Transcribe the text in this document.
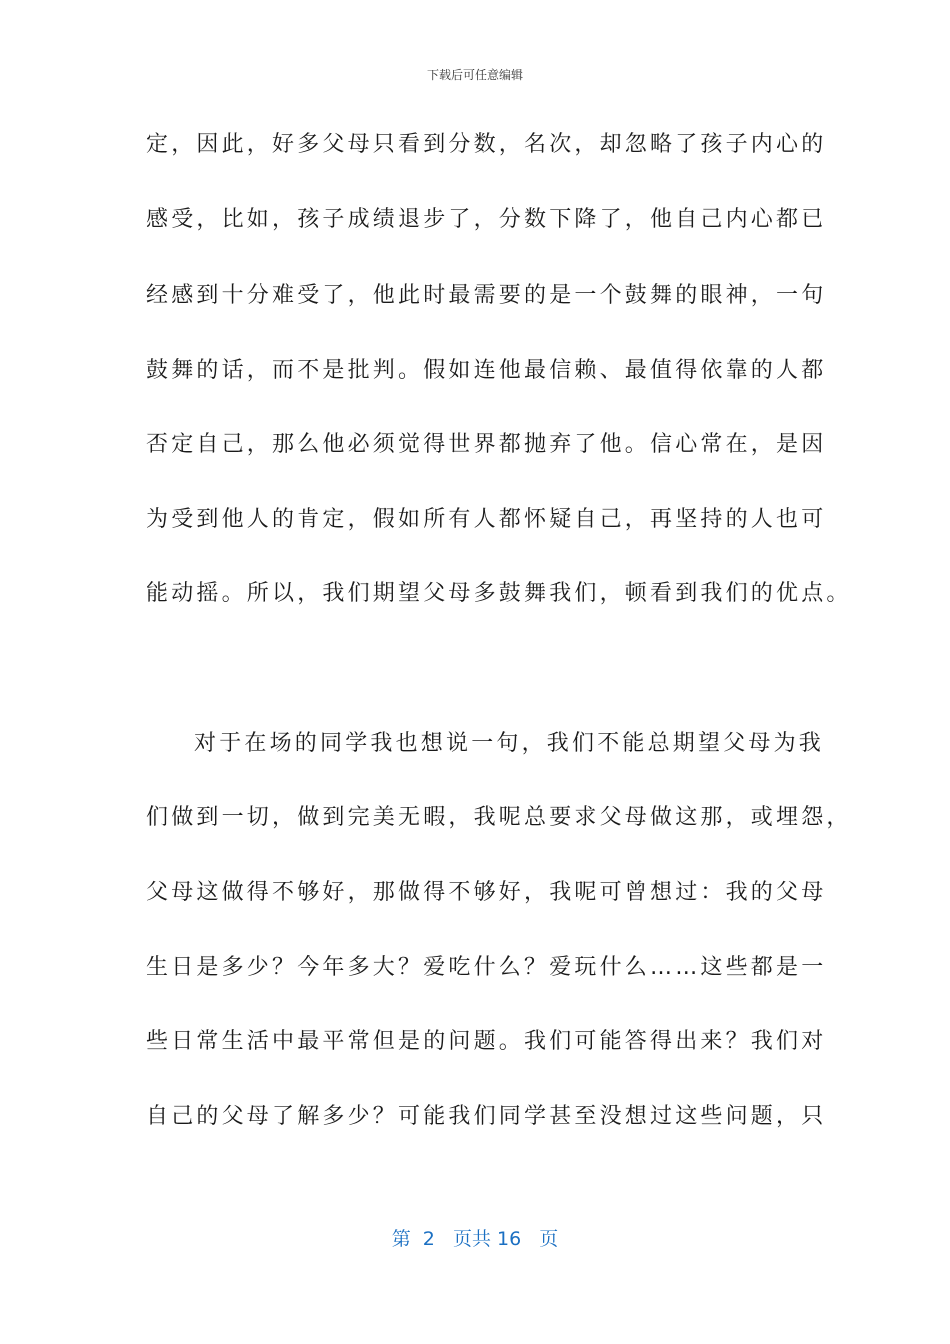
下载后可任意编辑
定，因此，好多父母只看到分数，名次，却忽略了孩子内心的
感受，比如，孩子成绩退步了，分数下降了，他自己内心都已
经感到十分难受了，他此时最需要的是一个鼓舞的眼神，一句
鼓舞的话，而不是批判。假如连他最信赖、最值得依靠的人都
否定自己，那么他必须觉得世界都抛弃了他。信心常在，是因
为受到他人的肯定，假如所有人都怀疑自己，再坚持的人也可
能动摇。所以，我们期望父母多鼓舞我们，顿看到我们的优点。
对于在场的同学我也想说一句，我们不能总期望父母为我
们做到一切，做到完美无暇，我呢总要求父母做这那，或埋怨，
父母这做得不够好，那做得不够好，我呢可曾想过：我的父母
生日是多少？今年多大？爱吃什么？爱玩什么……这些都是一
些日常生活中最平常但是的问题。我们可能答得出来？我们对
自己的父母了解多少？可能我们同学甚至没想过这些问题，只
第  2   页共 16   页
